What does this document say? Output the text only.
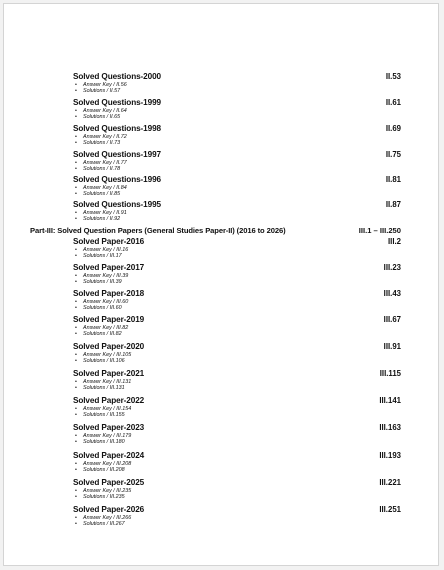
Solved Questions-2000	II.53
• Answer Key / II.56
• Solutions / II.57
Solved Questions-1999	II.61
• Answer Key / II.64
• Solutions / II.65
Solved Questions-1998	II.69
• Answer Key / II.72
• Solutions / II.73
Solved Questions-1997	II.75
• Answer Key / II.77
• Solutions / II.78
Solved Questions-1996	II.81
• Answer Key / II.84
• Solutions / II.85
Solved Questions-1995	II.87
• Answer Key / II.91
• Solutions / II.92
Part-III: Solved Question Papers (General Studies Paper-II) (2016 to 2026)	III.1 – III.250
Solved Paper-2016	III.2
• Answer Key / III.16
• Solutions / III.17
Solved Paper-2017	III.23
• Answer Key / III.39
• Solutions / III.39
Solved Paper-2018	III.43
• Answer Key / III.60
• Solutions / III.60
Solved Paper-2019	III.67
• Answer Key / III.82
• Solutions / III.82
Solved Paper-2020	III.91
• Answer Key / III.105
• Solutions / III.106
Solved Paper-2021	III.115
• Answer Key / III.131
• Solutions / III.131
Solved Paper-2022	III.141
• Answer Key / III.154
• Solutions / III.155
Solved Paper-2023	III.163
• Answer Key / III.179
• Solutions / III.180
Solved Paper-2024	III.193
• Answer Key / III.208
• Solutions / III.208
Solved Paper-2025	III.221
• Answer Key / III.235
• Solutions / III.235
Solved Paper-2026	III.251
• Answer Key / III.266
• Solutions / III.267
